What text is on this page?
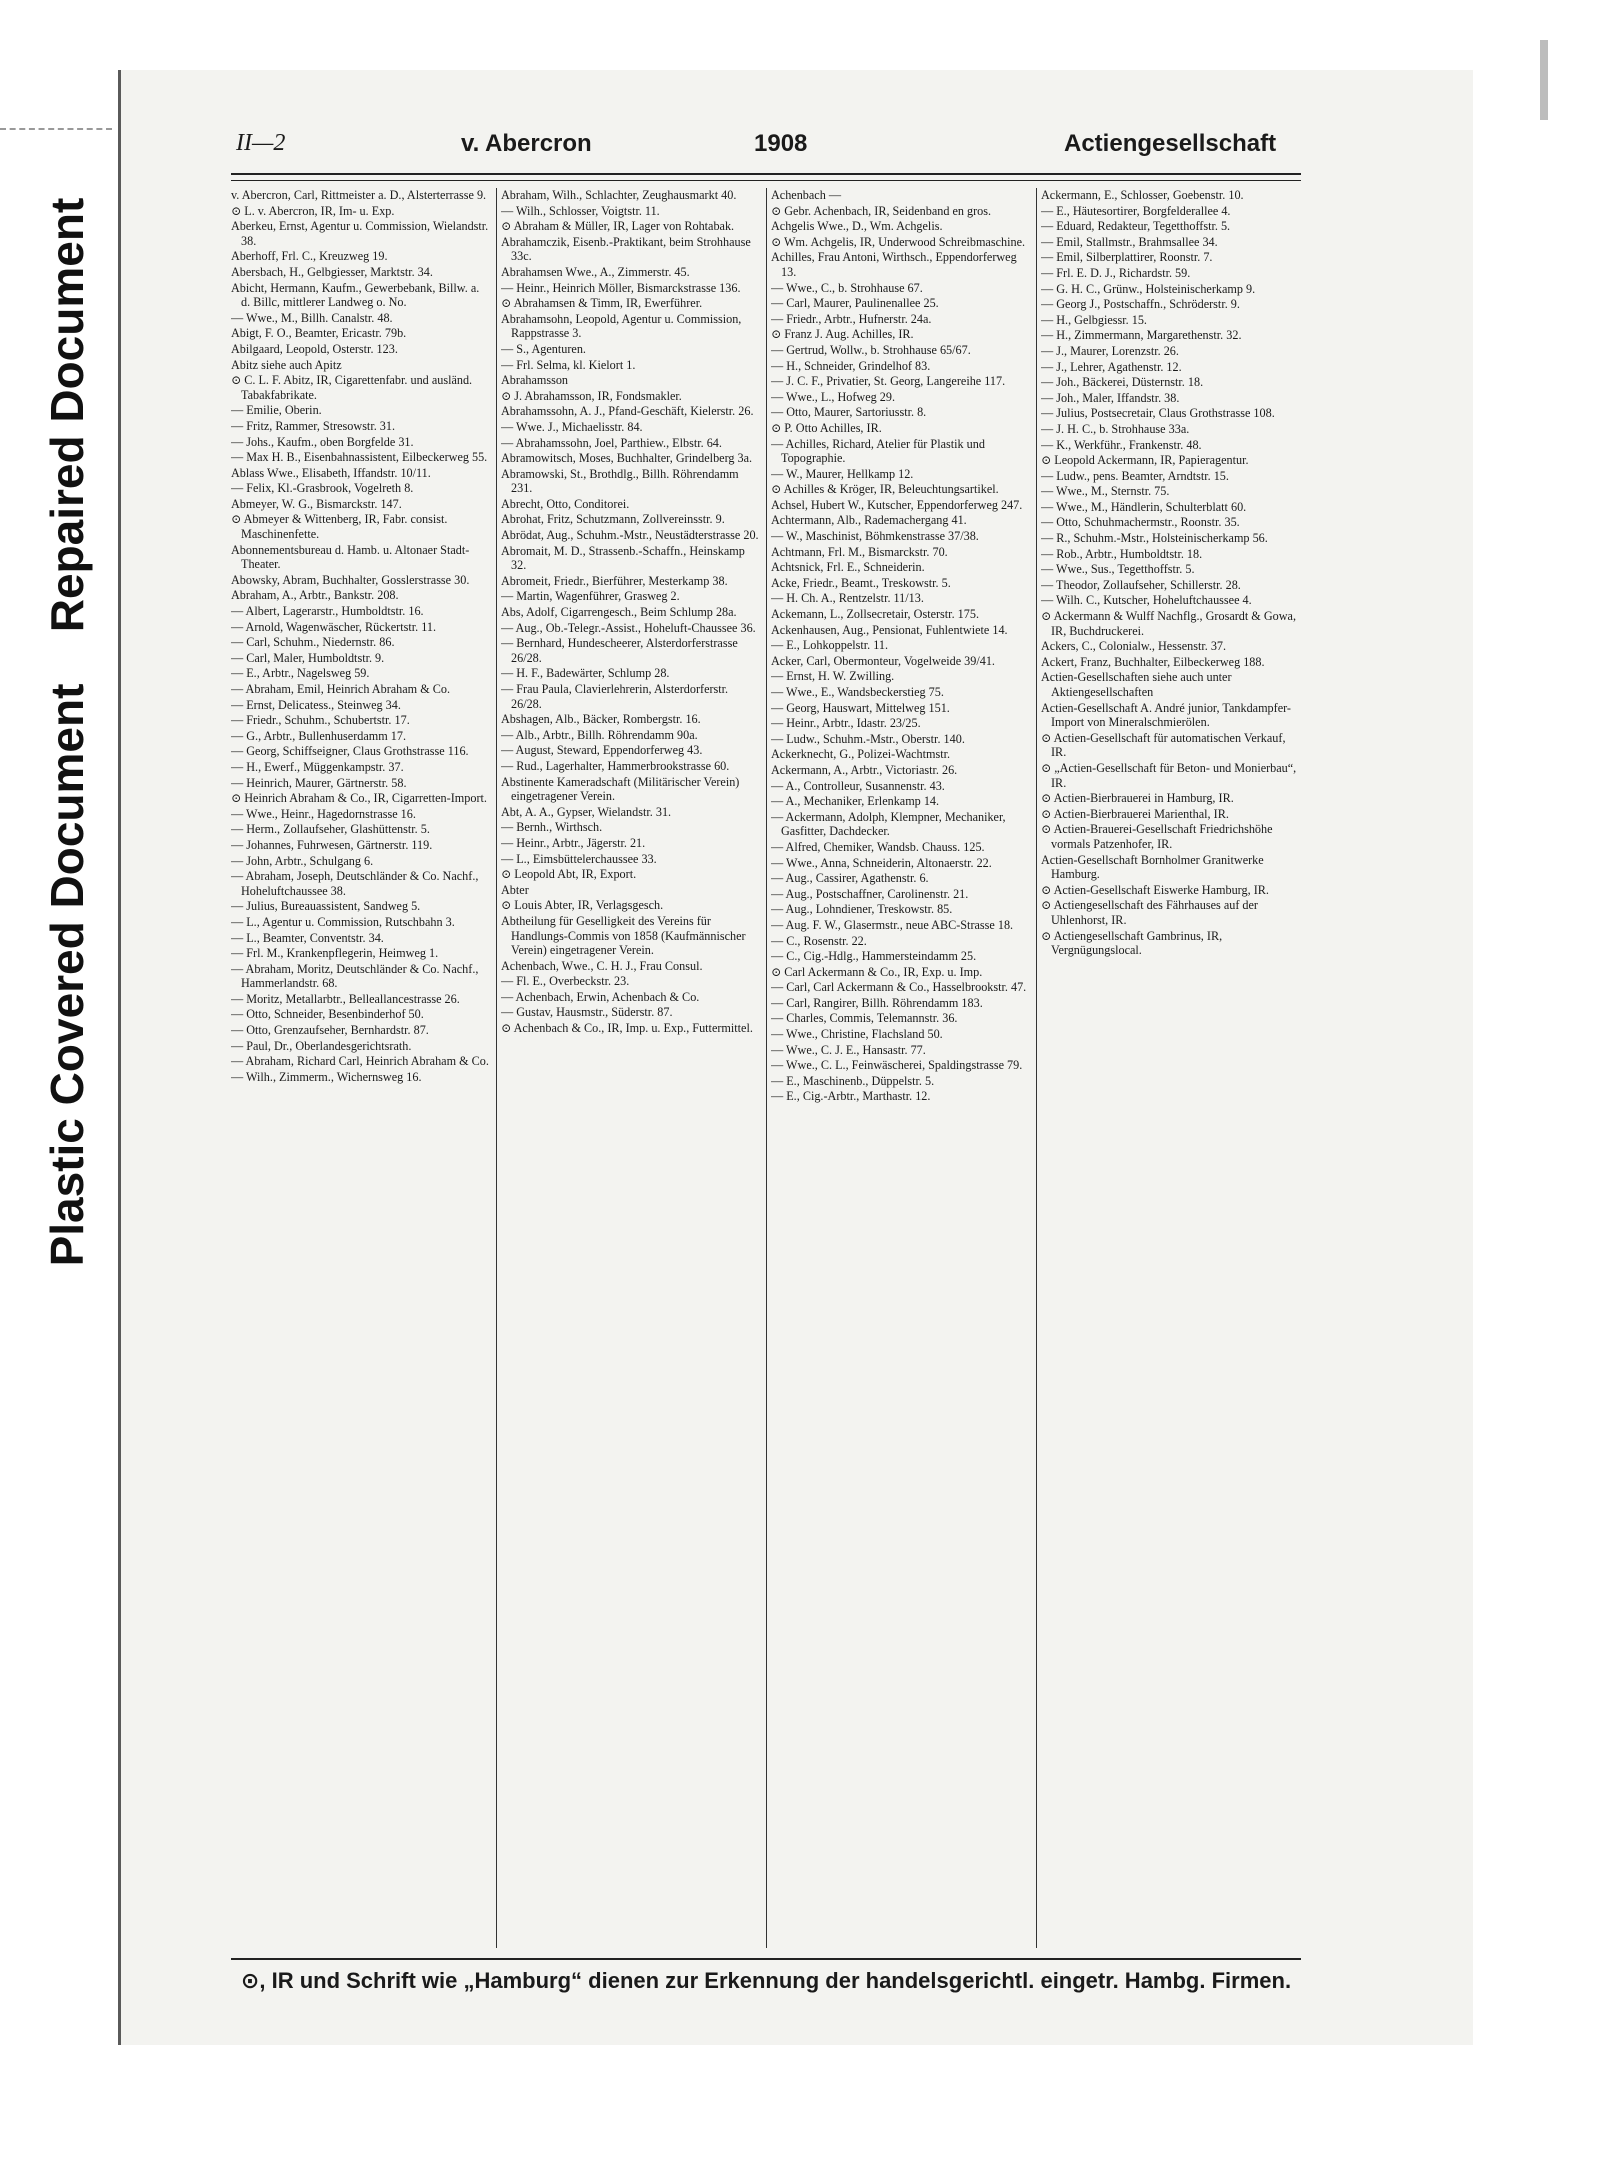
Plastic Covered Document
Repaired Document
II—2	v. Abercron	1908	Actiengesellschaft

v. Abercron, Carl, Rittmeister a. D., Alsterterrasse 9.

⊙ L. v. Abercron, IR, Im- u. Exp.

Aberkeu, Ernst, Agentur u. Commission, Wielandstr. 38.

Aberhoff, Frl. C., Kreuzweg 19.

Abersbach, H., Gelbgiesser, Marktstr. 34.

Abicht, Hermann, Kaufm., Gewerbebank, Billw. a. d. Billc, mittlerer Landweg o. No.

— Wwe., M., Billh. Canalstr. 48.

Abigt, F. O., Beamter, Ericastr. 79b.

Abilgaard, Leopold, Osterstr. 123.

Abitz siehe auch Apitz

⊙ C. L. F. Abitz, IR, Cigarettenfabr. und ausländ. Tabakfabrikate.

— Emilie, Oberin.

— Fritz, Rammer, Stresowstr. 31.

— Johs., Kaufm., oben Borgfelde 31.

— Max H. B., Eisenbahnassistent, Eilbeckerweg 55.

Ablass Wwe., Elisabeth, Iffandstr. 10/11.

— Felix, Kl.-Grasbrook, Vogelreth 8.

Abmeyer, W. G., Bismarckstr. 147.

⊙ Abmeyer & Wittenberg, IR, Fabr. consist. Maschinenfette.

Abonnementsbureau d. Hamb. u. Altonaer Stadt-Theater.

Abowsky, Abram, Buchhalter, Gosslerstrasse 30.

Abraham, A., Arbtr., Bankstr. 208.

— Albert, Lagerarstr., Humboldtstr. 16.

— Arnold, Wagenwäscher, Rückertstr. 11.

— Carl, Schuhm., Niedernstr. 86.

— Carl, Maler, Humboldtstr. 9.

— E., Arbtr., Nagelsweg 59.

— Abraham, Emil, Heinrich Abraham & Co.

— Ernst, Delicatess., Steinweg 34.

— Friedr., Schuhm., Schubertstr. 17.

— G., Arbtr., Bullenhuserdamm 17.

— Georg, Schiffseigner, Claus Grothstrasse 116.

— H., Ewerf., Müggenkampstr. 37.

— Heinrich, Maurer, Gärtnerstr. 58.

⊙ Heinrich Abraham & Co., IR, Cigarretten-Import.

— Wwe., Heinr., Hagedornstrasse 16.

— Herm., Zollaufseher, Glashüttenstr. 5.

— Johannes, Fuhrwesen, Gärtnerstr. 119.

— John, Arbtr., Schulgang 6.

— Abraham, Joseph, Deutschländer & Co. Nachf., Hoheluftchaussee 38.

— Julius, Bureauassistent, Sandweg 5.

— L., Agentur u. Commission, Rutschbahn 3.

— L., Beamter, Conventstr. 34.

— Frl. M., Krankenpflegerin, Heimweg 1.

— Abraham, Moritz, Deutschländer & Co. Nachf., Hammerlandstr. 68.

— Moritz, Metallarbtr., Belleallancestrasse 26.

— Otto, Schneider, Besenbinderhof 50.

— Otto, Grenzaufseher, Bernhardstr. 87.

— Paul, Dr., Oberlandesgerichtsrath.

— Abraham, Richard Carl, Heinrich Abraham & Co.

— Wilh., Zimmerm., Wichernsweg 16.

Abraham, Wilh., Schlachter, Zeughausmarkt 40.

— Wilh., Schlosser, Voigtstr. 11.

⊙ Abraham & Müller, IR, Lager von Rohtabak.

Abrahamczik, Eisenb.-Praktikant, beim Strohhause 33c.

Abrahamsen Wwe., A., Zimmerstr. 45.

— Heinr., Heinrich Möller, Bismarckstrasse 136.

⊙ Abrahamsen & Timm, IR, Ewerführer.

Abrahamsohn, Leopold, Agentur u. Commission, Rappstrasse 3.

— S., Agenturen.

— Frl. Selma, kl. Kielort 1.

Abrahamsson

⊙ J. Abrahamsson, IR, Fondsmakler.

Abrahamssohn, A. J., Pfand-Geschäft, Kielerstr. 26.

— Wwe. J., Michaelisstr. 84.

— Abrahamssohn, Joel, Parthiew., Elbstr. 64.

Abramowitsch, Moses, Buchhalter, Grindelberg 3a.

Abramowski, St., Brothdlg., Billh. Röhrendamm 231.

Abrecht, Otto, Conditorei.

Abrohat, Fritz, Schutzmann, Zollvereinsstr. 9.

Abrödat, Aug., Schuhm.-Mstr., Neustädterstrasse 20.

Abromait, M. D., Strassenb.-Schaffn., Heinskamp 32.

Abromeit, Friedr., Bierführer, Mesterkamp 38.

— Martin, Wagenführer, Grasweg 2.

Abs, Adolf, Cigarrengesch., Beim Schlump 28a.

— Aug., Ob.-Telegr.-Assist., Hoheluft-Chaussee 36.

— Bernhard, Hundescheerer, Alsterdorferstrasse 26/28.

— H. F., Badewärter, Schlump 28.

— Frau Paula, Clavierlehrerin, Alsterdorferstr. 26/28.

Abshagen, Alb., Bäcker, Rombergstr. 16.

— Alb., Arbtr., Billh. Röhrendamm 90a.

— August, Steward, Eppendorferweg 43.

— Rud., Lagerhalter, Hammerbrookstrasse 60.

Abstinente Kameradschaft (Militärischer Verein) eingetragener Verein.

Abt, A. A., Gypser, Wielandstr. 31.

— Bernh., Wirthsch.

— Heinr., Arbtr., Jägerstr. 21.

— L., Eimsbüttelerchaussee 33.

⊙ Leopold Abt, IR, Export.

Abter

⊙ Louis Abter, IR, Verlagsgesch.

Abtheilung für Geselligkeit des Vereins für Handlungs-Commis von 1858 (Kaufmännischer Verein) eingetragener Verein.

Achenbach, Wwe., C. H. J., Frau Consul.

— Fl. E., Overbeckstr. 23.

— Achenbach, Erwin, Achenbach & Co.

— Gustav, Hausmstr., Süderstr. 87.

⊙ Achenbach & Co., IR, Imp. u. Exp., Futtermittel.

Achenbach —

⊙ Gebr. Achenbach, IR, Seidenband en gros.

Achgelis Wwe., D., Wm. Achgelis.

⊙ Wm. Achgelis, IR, Underwood Schreibmaschine.

Achilles, Frau Antoni, Wirthsch., Eppendorferweg 13.

— Wwe., C., b. Strohhause 67.

— Carl, Maurer, Paulinenallee 25.

— Friedr., Arbtr., Hufnerstr. 24a.

⊙ Franz J. Aug. Achilles, IR.

— Gertrud, Wollw., b. Strohhause 65/67.

— H., Schneider, Grindelhof 83.

— J. C. F., Privatier, St. Georg, Langereihe 117.

— Wwe., L., Hofweg 29.

— Otto, Maurer, Sartoriusstr. 8.

⊙ P. Otto Achilles, IR.

— Achilles, Richard, Atelier für Plastik und Topographie.

— W., Maurer, Hellkamp 12.

⊙ Achilles & Kröger, IR, Beleuchtungsartikel.

Achsel, Hubert W., Kutscher, Eppendorferweg 247.

Achtermann, Alb., Rademachergang 41.

— W., Maschinist, Böhmkenstrasse 37/38.

Achtmann, Frl. M., Bismarckstr. 70.

Achtsnick, Frl. E., Schneiderin.

Acke, Friedr., Beamt., Treskowstr. 5.

— H. Ch. A., Rentzelstr. 11/13.

Ackemann, L., Zollsecretair, Osterstr. 175.

Ackenhausen, Aug., Pensionat, Fuhlentwiete 14.

— E., Lohkoppelstr. 11.

Acker, Carl, Obermonteur, Vogelweide 39/41.

— Ernst, H. W. Zwilling.

— Wwe., E., Wandsbeckerstieg 75.

— Georg, Hauswart, Mittelweg 151.

— Heinr., Arbtr., Idastr. 23/25.

— Ludw., Schuhm.-Mstr., Oberstr. 140.

Ackerknecht, G., Polizei-Wachtmstr.

Ackermann, A., Arbtr., Victoriastr. 26.

— A., Controlleur, Susannenstr. 43.

— A., Mechaniker, Erlenkamp 14.

— Ackermann, Adolph, Klempner, Mechaniker, Gasfitter, Dachdecker.

— Alfred, Chemiker, Wandsb. Chauss. 125.

— Wwe., Anna, Schneiderin, Altonaerstr. 22.

— Aug., Cassirer, Agathenstr. 6.

— Aug., Postschaffner, Carolinenstr. 21.

— Aug., Lohndiener, Treskowstr. 85.

— Aug. F. W., Glasermstr., neue ABC-Strasse 18.

— C., Rosenstr. 22.

— C., Cig.-Hdlg., Hammersteindamm 25.

⊙ Carl Ackermann & Co., IR, Exp. u. Imp.

— Carl, Carl Ackermann & Co., Hasselbrookstr. 47.

— Carl, Rangirer, Billh. Röhrendamm 183.

— Charles, Commis, Telemannstr. 36.

— Wwe., Christine, Flachsland 50.

— Wwe., C. J. E., Hansastr. 77.

— Wwe., C. L., Feinwäscherei, Spaldingstrasse 79.

— E., Maschinenb., Düppelstr. 5.

— E., Cig.-Arbtr., Marthastr. 12.

Ackermann, E., Schlosser, Goebenstr. 10.

— E., Häutesortirer, Borgfelderallee 4.

— Eduard, Redakteur, Tegetthoffstr. 5.

— Emil, Stallmstr., Brahmsallee 34.

— Emil, Silberplattirer, Roonstr. 7.

— Frl. E. D. J., Richardstr. 59.

— G. H. C., Grünw., Holsteinischerkamp 9.

— Georg J., Postschaffn., Schröderstr. 9.

— H., Gelbgiessr. 15.

— H., Zimmermann, Margarethenstr. 32.

— J., Maurer, Lorenzstr. 26.

— J., Lehrer, Agathenstr. 12.

— Joh., Bäckerei, Düsternstr. 18.

— Joh., Maler, Iffandstr. 38.

— Julius, Postsecretair, Claus Grothstrasse 108.

— J. H. C., b. Strohhause 33a.

— K., Werkführ., Frankenstr. 48.

⊙ Leopold Ackermann, IR, Papieragentur.

— Ludw., pens. Beamter, Arndtstr. 15.

— Wwe., M., Sternstr. 75.

— Wwe., M., Händlerin, Schulterblatt 60.

— Otto, Schuhmachermstr., Roonstr. 35.

— R., Schuhm.-Mstr., Holsteinischerkamp 56.

— Rob., Arbtr., Humboldtstr. 18.

— Wwe., Sus., Tegetthoffstr. 5.

— Theodor, Zollaufseher, Schillerstr. 28.

— Wilh. C., Kutscher, Hoheluftchaussee 4.

⊙ Ackermann & Wulff Nachflg., Grosardt & Gowa, IR, Buchdruckerei.

Ackers, C., Colonialw., Hessenstr. 37.

Ackert, Franz, Buchhalter, Eilbeckerweg 188.

Actien-Gesellschaften siehe auch unter Aktiengesellschaften

Actien-Gesellschaft A. André junior, Tankdampfer-Import von Mineralschmierölen.

⊙ Actien-Gesellschaft für automatischen Verkauf, IR.

⊙ „Actien-Gesellschaft für Beton- und Monierbau“, IR.

⊙ Actien-Bierbrauerei in Hamburg, IR.

⊙ Actien-Bierbrauerei Marienthal, IR.

⊙ Actien-Brauerei-Gesellschaft Friedrichshöhe vormals Patzenhofer, IR.

Actien-Gesellschaft Bornholmer Granitwerke Hamburg.

⊙ Actien-Gesellschaft Eiswerke Hamburg, IR.

⊙ Actiengesellschaft des Fährhauses auf der Uhlenhorst, IR.

⊙ Actiengesellschaft Gambrinus, IR, Vergnügungslocal.

⊙, IR und Schrift wie „Hamburg“ dienen zur Erkennung der handelsgerichtl. eingetr. Hambg. Firmen.
